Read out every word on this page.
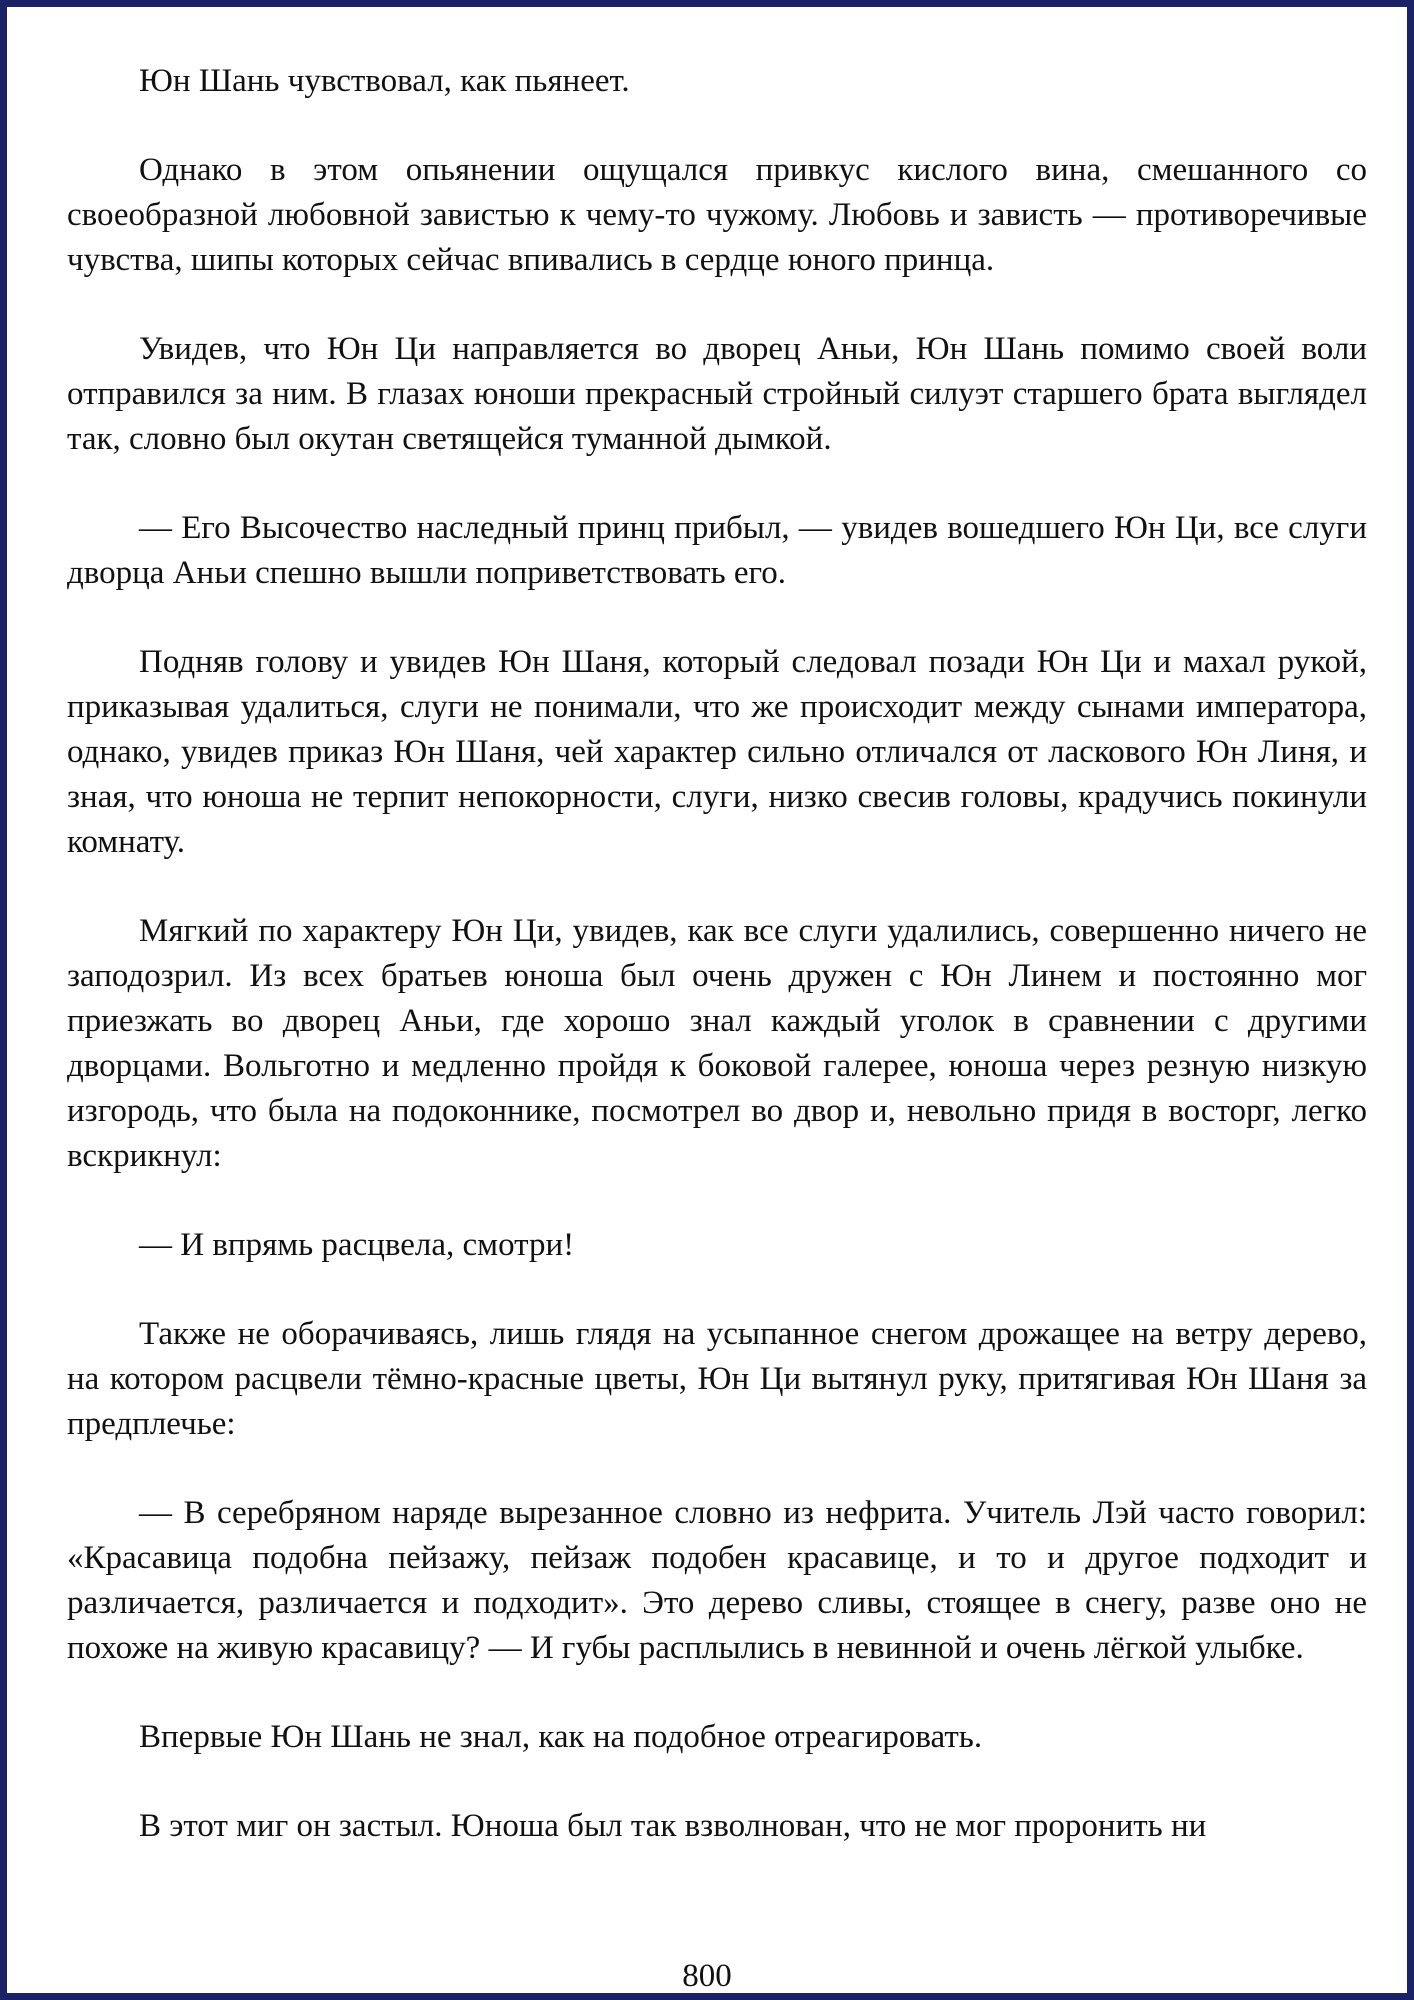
Юн Шань чувствовал, как пьянеет.

Однако в этом опьянении ощущался привкус кислого вина, смешанного со своеобразной любовной завистью к чему-то чужому. Любовь и зависть — противоречивые чувства, шипы которых сейчас впивались в сердце юного принца.

Увидев, что Юн Ци направляется во дворец Аньи, Юн Шань помимо своей воли отправился за ним. В глазах юноши прекрасный стройный силуэт старшего брата выглядел так, словно был окутан светящейся туманной дымкой.

— Его Высочество наследный принц прибыл, — увидев вошедшего Юн Ци, все слуги дворца Аньи спешно вышли поприветствовать его.

Подняв голову и увидев Юн Шаня, который следовал позади Юн Ци и махал рукой, приказывая удалиться, слуги не понимали, что же происходит между сынами императора, однако, увидев приказ Юн Шаня, чей характер сильно отличался от ласкового Юн Линя, и зная, что юноша не терпит непокорности, слуги, низко свесив головы, крадучись покинули комнату.

Мягкий по характеру Юн Ци, увидев, как все слуги удалились, совершенно ничего не заподозрил. Из всех братьев юноша был очень дружен с Юн Линем и постоянно мог приезжать во дворец Аньи, где хорошо знал каждый уголок в сравнении с другими дворцами. Вольготно и медленно пройдя к боковой галерее, юноша через резную низкую изгородь, что была на подоконнике, посмотрел во двор и, невольно придя в восторг, легко вскрикнул:

— И впрямь расцвела, смотри!

Также не оборачиваясь, лишь глядя на усыпанное снегом дрожащее на ветру дерево, на котором расцвели тёмно-красные цветы, Юн Ци вытянул руку, притягивая Юн Шаня за предплечье:

— В серебряном наряде вырезанное словно из нефрита. Учитель Лэй часто говорил: «Красавица подобна пейзажу, пейзаж подобен красавице, и то и другое подходит и различается, различается и подходит». Это дерево сливы, стоящее в снегу, разве оно не похоже на живую красавицу? — И губы расплылись в невинной и очень лёгкой улыбке.

Впервые Юн Шань не знал, как на подобное отреагировать.

В этот миг он застыл. Юноша был так взволнован, что не мог проронить ни

800
